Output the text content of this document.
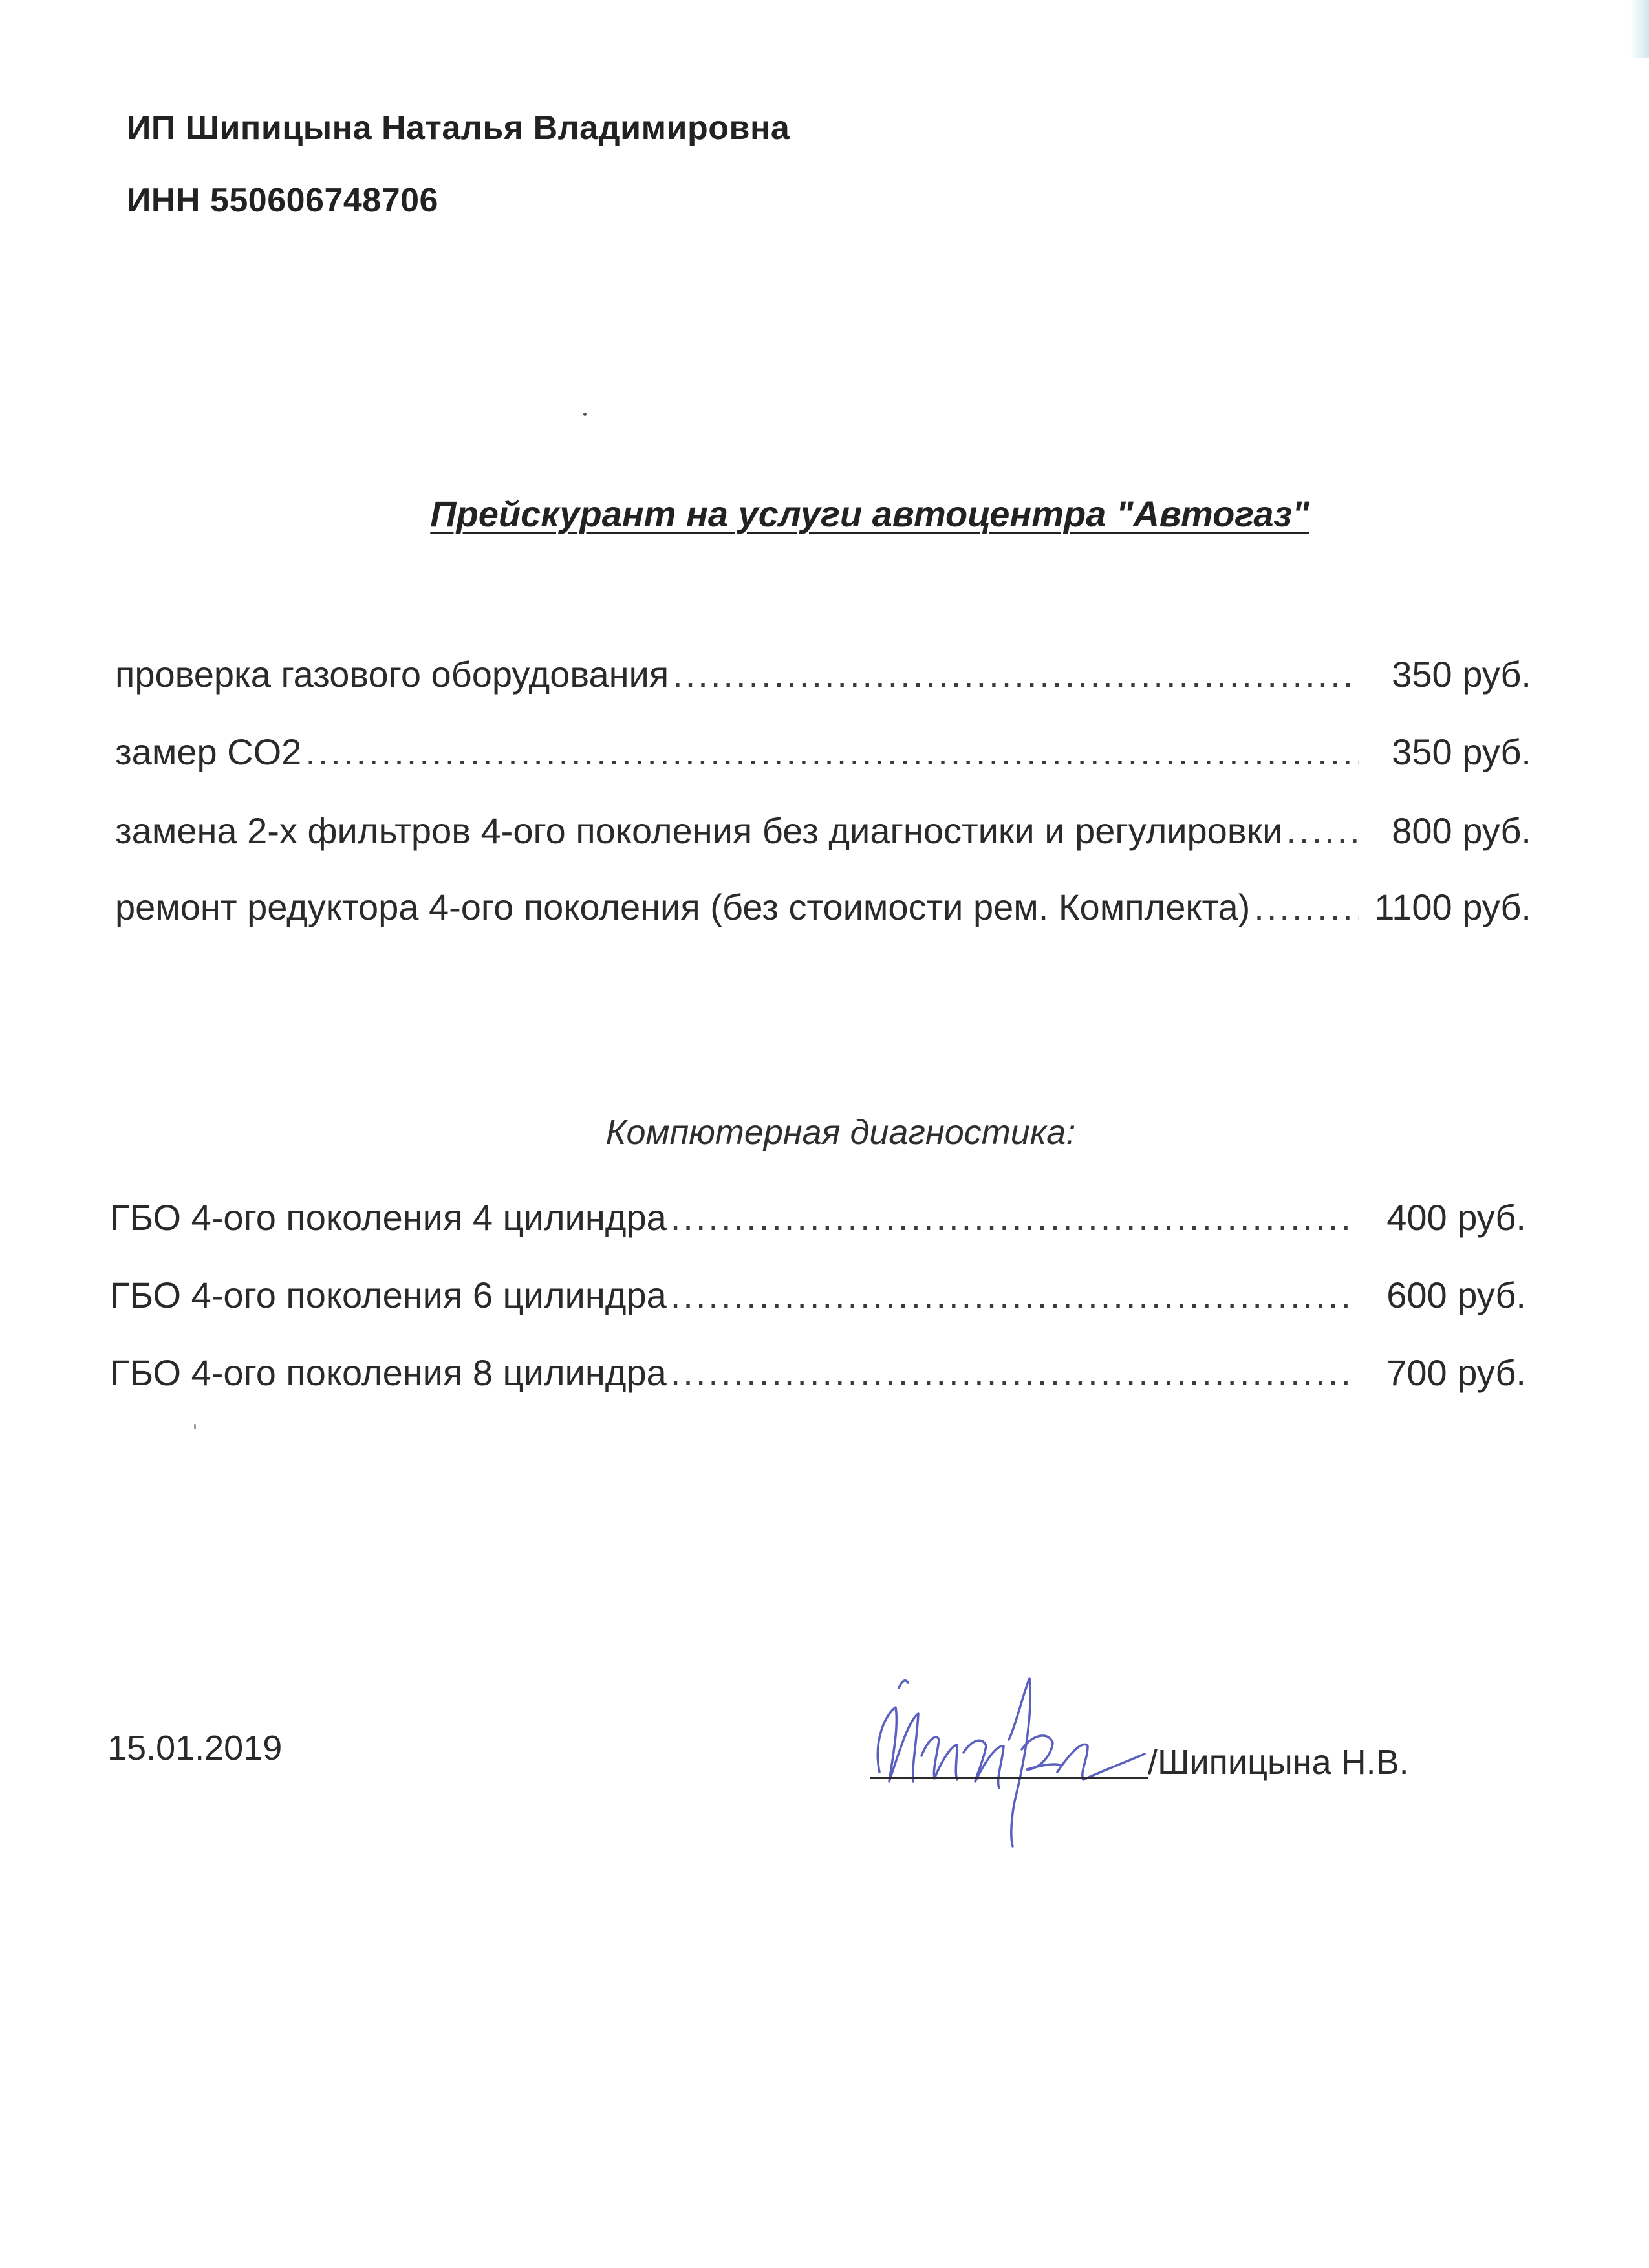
ИП Шипицына Наталья Владимировна
ИНН 550606748706
Прейскурант на услуги автоцентра "Автогаз"
проверка газового оборудования .....	350 руб.
замер CO2 .....	350 руб.
замена 2-х фильтров 4-ого поколения без диагностики и регулировки .....	800 руб.
ремонт редуктора 4-ого поколения (без стоимости рем. Комплекта) .....	1100 руб.
Компютерная диагностика:
ГБО 4-ого поколения 4 цилиндра .....	400 руб.
ГБО 4-ого поколения 6 цилиндра .....	600 руб.
ГБО 4-ого поколения 8 цилиндра .....	700 руб.
15.01.2019	/Шипицына Н.В.
